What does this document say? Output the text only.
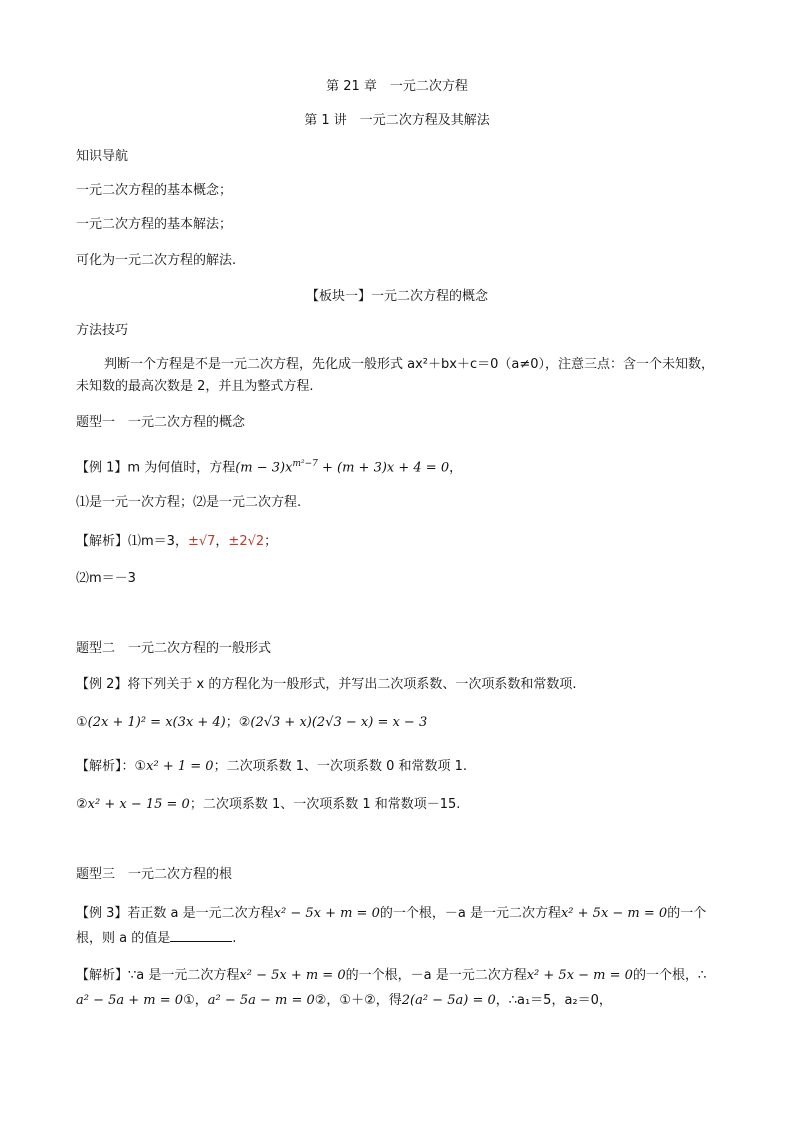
第 21 章　一元二次方程
第 1 讲　一元二次方程及其解法
知识导航
一元二次方程的基本概念；
一元二次方程的基本解法；
可化为一元二次方程的解法.
【板块一】一元二次方程的概念
方法技巧
判断一个方程是不是一元二次方程，先化成一般形式 ax²＋bx＋c＝0（a≠0），注意三点：含一个未知数，
未知数的最高次数是 2，并且为整式方程.
题型一　一元二次方程的概念
【例 1】m 为何值时，方程$(m - 3)x^{m^2-7} + (m + 3)x + 4 = 0$，
⑴是一元一次方程；⑵是一元二次方程.
【解析】⑴m＝3，±√7，±2√2；
⑵m＝－3
题型二　一元二次方程的一般形式
【例 2】将下列关于 x 的方程化为一般形式，并写出二次项系数、一次项系数和常数项.
①(2x + 1)² = x(3x + 4)；②(2√3 + x)(2√3 − x) = x − 3
【解析】：①x² + 1 = 0；二次项系数 1、一次项系数 0 和常数项 1.
②x² + x − 15 = 0；二次项系数 1、一次项系数 1 和常数项－15.
题型三　一元二次方程的根
【例 3】若正数 a 是一元二次方程x² − 5x + m = 0的一个根，－a 是一元二次方程x² + 5x − m = 0的一个
根，则 a 的值是	.
【解析】∵a 是一元二次方程x² − 5x + m = 0的一个根，－a 是一元二次方程x² + 5x − m = 0的一个根，∴
a² − 5a + m = 0①，a² − 5a − m = 0②，①＋②，得2(a² − 5a) = 0，∴a₁＝5，a₂＝0，
